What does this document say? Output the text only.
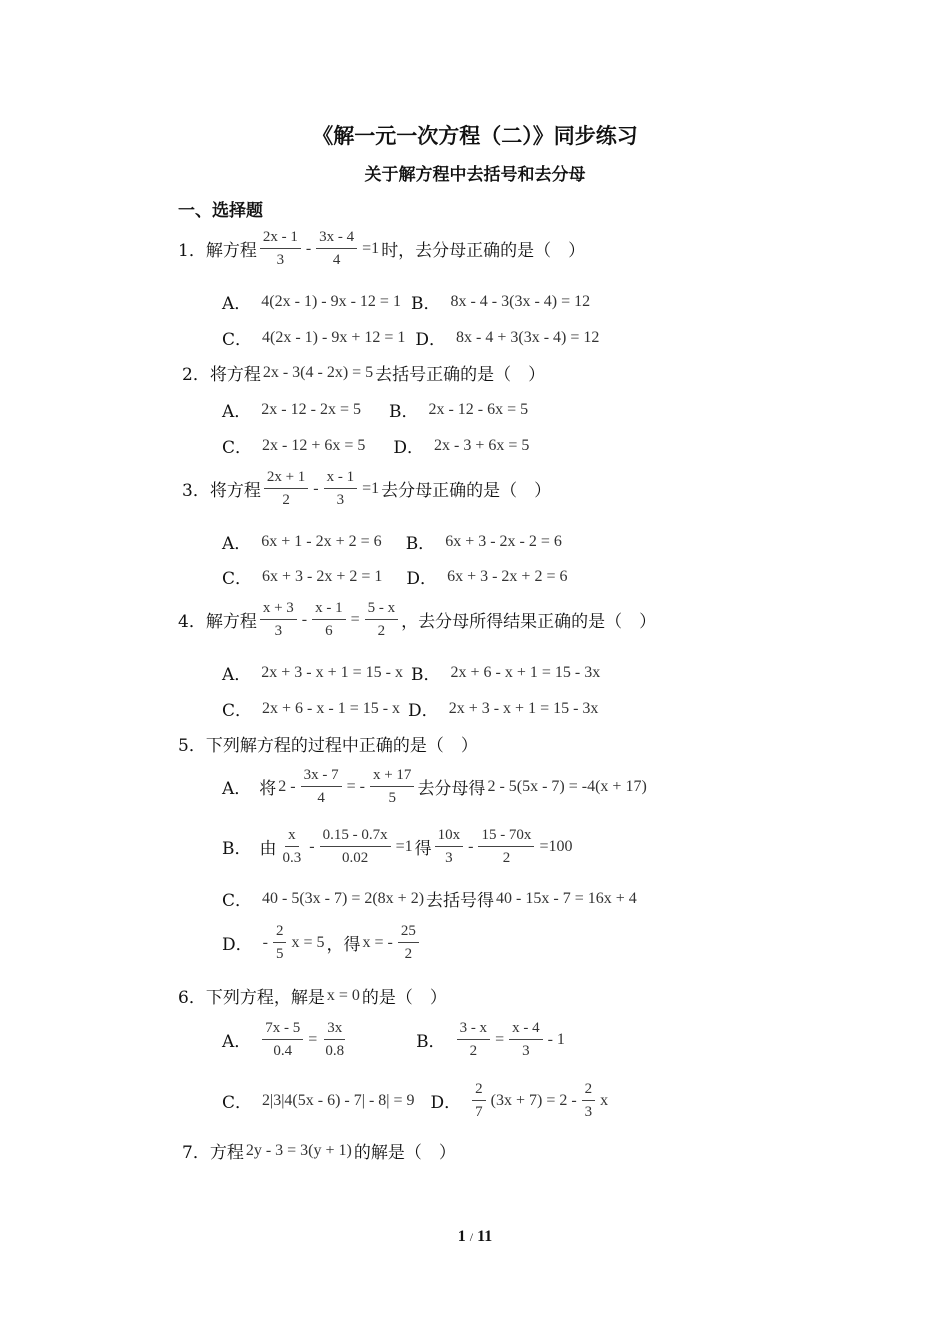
《解一元一次方程（二）》同步练习
关于解方程中去括号和去分母
一、选择题
1． 解方程 $\frac{2x - 1}{3} - \frac{3x - 4}{4} =1$ 时，去分母正确的是（　）
A． 4(2x - 1) - 9x - 12 = 1 B． 8x - 4 - 3(3x - 4) = 12
C． 4(2x - 1) - 9x + 12 = 1 D． 8x - 4 + 3(3x - 4) = 12
2． 将方程 2x - 3(4 - 2x) = 5 去括号正确的是（　）
A． 2x - 12 - 2x = 5 B． 2x - 12 - 6x = 5
C． 2x - 12 + 6x = 5 D． 2x - 3 + 6x = 5
3． 将方程 $\frac{2x + 1}{2} - \frac{x - 1}{3} =1$ 去分母正确的是（　）
A． 6x + 1 - 2x + 2 = 6 B． 6x + 3 - 2x - 2 = 6
C． 6x + 3 - 2x + 2 = 1 D． 6x + 3 - 2x + 2 = 6
4． 解方程 $\frac{x + 3}{3} - \frac{x - 1}{6} = \frac{5 - x}{2}$ ，去分母所得结果正确的是（　）
A． 2x + 3 - x + 1 = 15 - x B． 2x + 6 - x + 1 = 15 - 3x
C． 2x + 6 - x - 1 = 15 - x D． 2x + 3 - x + 1 = 15 - 3x
5． 下列解方程的过程中正确的是（　）
A． 将 $2 - \frac{3x - 7}{4}$ = - $\frac{x + 17}{5}$ 去分母得 2 - 5(5x - 7) = -4(x + 17)
B． 由 $\frac{x}{0.3} - \frac{0.15 - 0.7x}{0.02} =1$ 得 $\frac{10x}{3} - \frac{15 - 70x}{2} =100$
C． 40 - 5(3x - 7) = 2(8x + 2) 去括号得 40 - 15x - 7 = 16x + 4
D． - $\frac{2}{5}$ x = 5 ，得 x = - $\frac{25}{2}$
6． 下列方程，解是 x = 0 的是（　）
A． $\frac{7x - 5}{0.4} = \frac{3x}{0.8}$	B． $\frac{3 - x}{2} = \frac{x - 4}{3} - 1$
C． 2|3|4(5x - 6) - 7| - 8| = 9 D． $\frac{2}{7} (3x + 7) = 2 - \frac{2}{3}$ x
7． 方程 2y - 3 = 3(y + 1) 的解是（　）
1 / 11
